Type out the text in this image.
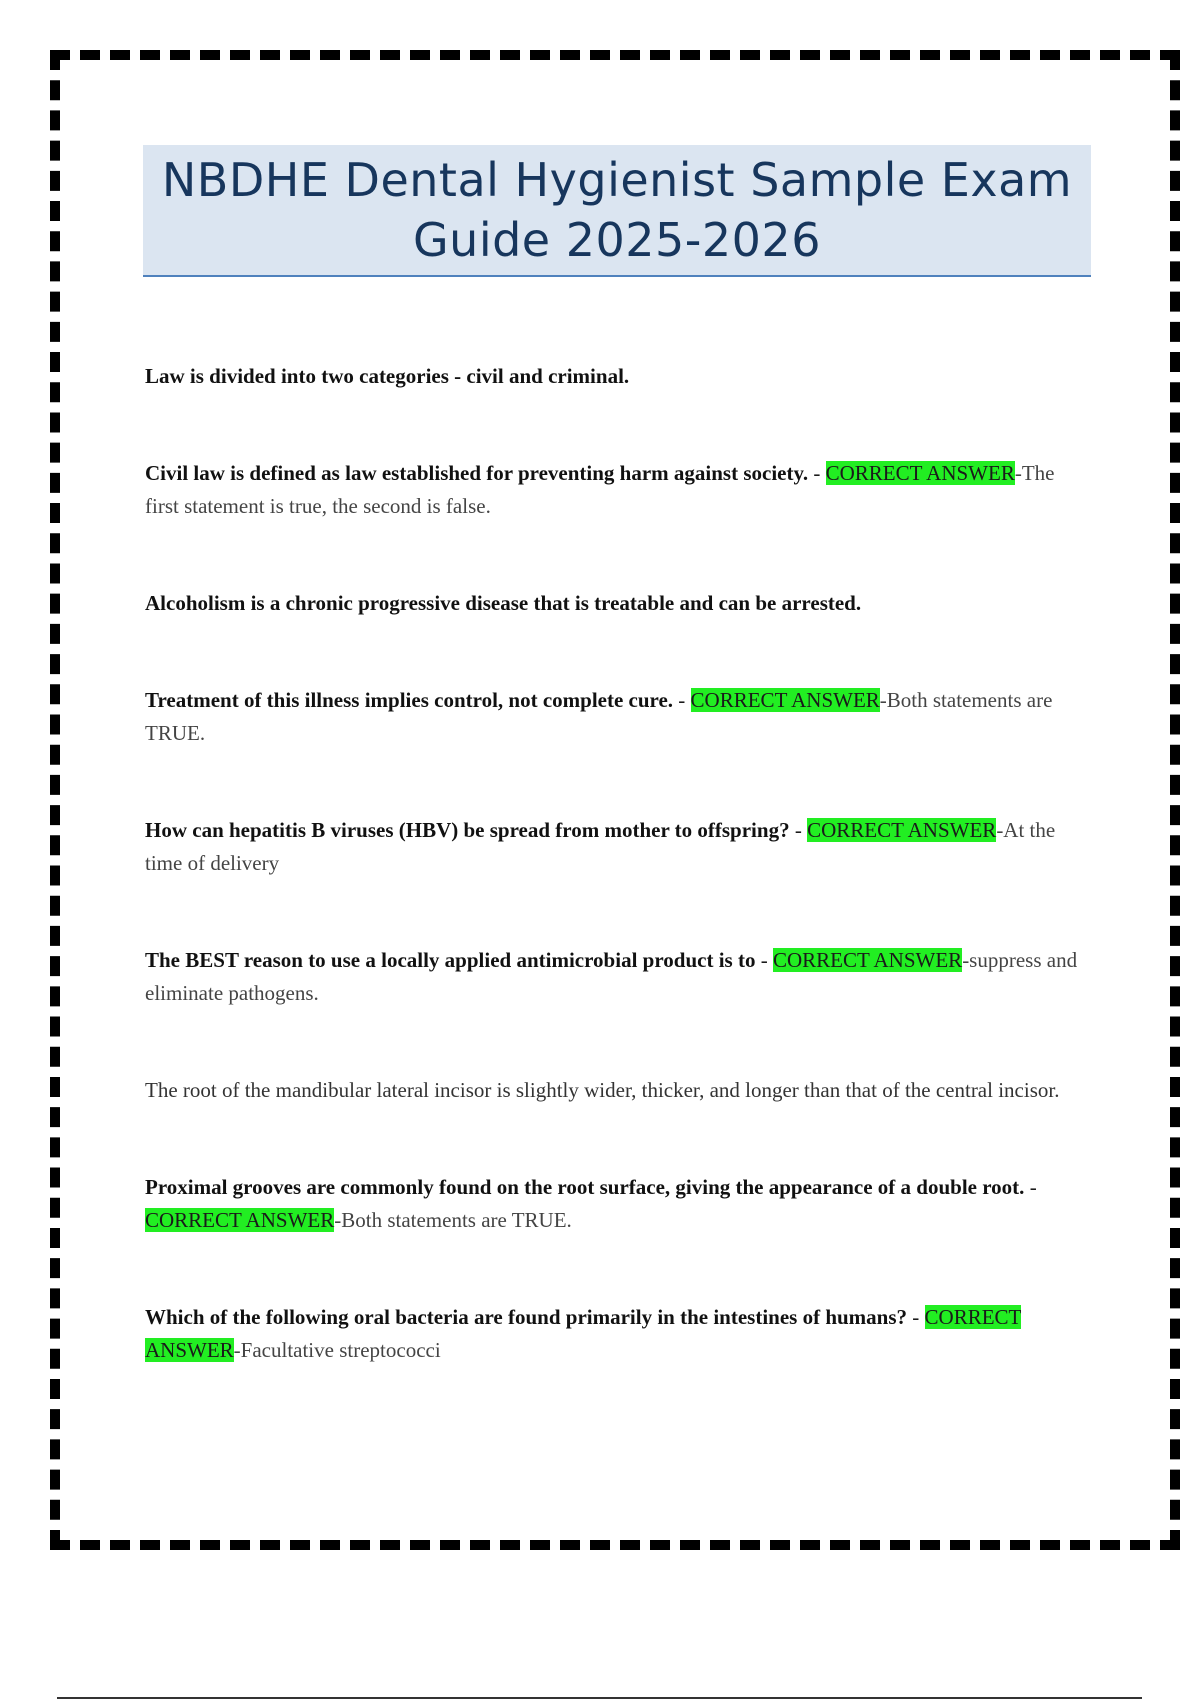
NBDHE Dental Hygienist Sample Exam
Guide 2025-2026
Law is divided into two categories - civil and criminal.
Civil law is defined as law established for preventing harm against society. - CORRECT ANSWER-The first statement is true, the second is false.
Alcoholism is a chronic progressive disease that is treatable and can be arrested.
Treatment of this illness implies control, not complete cure. - CORRECT ANSWER-Both statements are TRUE.
How can hepatitis B viruses (HBV) be spread from mother to offspring? - CORRECT ANSWER-At the time of delivery
The BEST reason to use a locally applied antimicrobial product is to - CORRECT ANSWER-suppress and eliminate pathogens.
The root of the mandibular lateral incisor is slightly wider, thicker, and longer than that of the central incisor.
Proximal grooves are commonly found on the root surface, giving the appearance of a double root. - CORRECT ANSWER-Both statements are TRUE.
Which of the following oral bacteria are found primarily in the intestines of humans? - CORRECT ANSWER-Facultative streptococci
